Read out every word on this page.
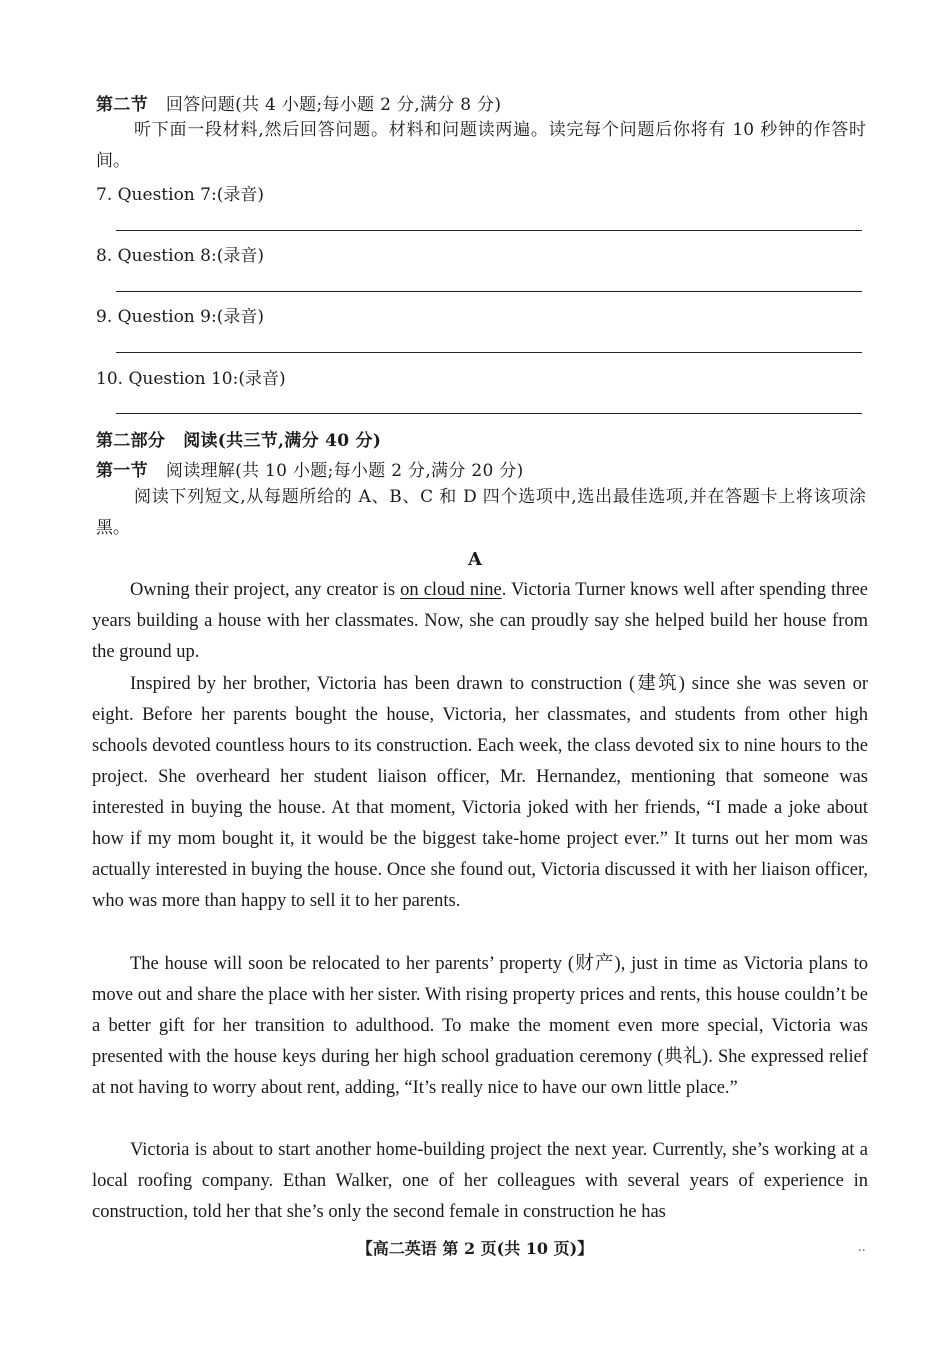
第二节 回答问题(共 4 小题;每小题 2 分,满分 8 分)
听下面一段材料,然后回答问题。材料和问题读两遍。读完每个问题后你将有 10 秒钟的作答时间。
7. Question 7:(录音)
8. Question 8:(录音)
9. Question 9:(录音)
10. Question 10:(录音)
第二部分 阅读(共三节,满分 40 分)
第一节 阅读理解(共 10 小题;每小题 2 分,满分 20 分)
阅读下列短文,从每题所给的 A、B、C 和 D 四个选项中,选出最佳选项,并在答题卡上将该项涂黑。
A

Owning their project, any creator is on cloud nine. Victoria Turner knows well after spending three years building a house with her classmates. Now, she can proudly say she helped build her house from the ground up.

Inspired by her brother, Victoria has been drawn to construction (建筑) since she was seven or eight. Before her parents bought the house, Victoria, her classmates, and students from other high schools devoted countless hours to its construction. Each week, the class devoted six to nine hours to the project. She overheard her student liaison officer, Mr. Hernandez, mentioning that someone was interested in buying the house. At that moment, Victoria joked with her friends, “I made a joke about how if my mom bought it, it would be the biggest take-home project ever.” It turns out her mom was actually interested in buying the house. Once she found out, Victoria discussed it with her liaison officer, who was more than happy to sell it to her parents.

The house will soon be relocated to her parents’ property (财产), just in time as Victoria plans to move out and share the place with her sister. With rising property prices and rents, this house couldn’t be a better gift for her transition to adulthood. To make the moment even more special, Victoria was presented with the house keys during her high school graduation ceremony (典礼). She expressed relief at not having to worry about rent, adding, “It’s really nice to have our own little place.”

Victoria is about to start another home-building project the next year. Currently, she’s working at a local roofing company. Ethan Walker, one of her colleagues with several years of experience in construction, told her that she’s only the second female in construction he has

【高二英语 第 2 页(共 10 页)】	..
